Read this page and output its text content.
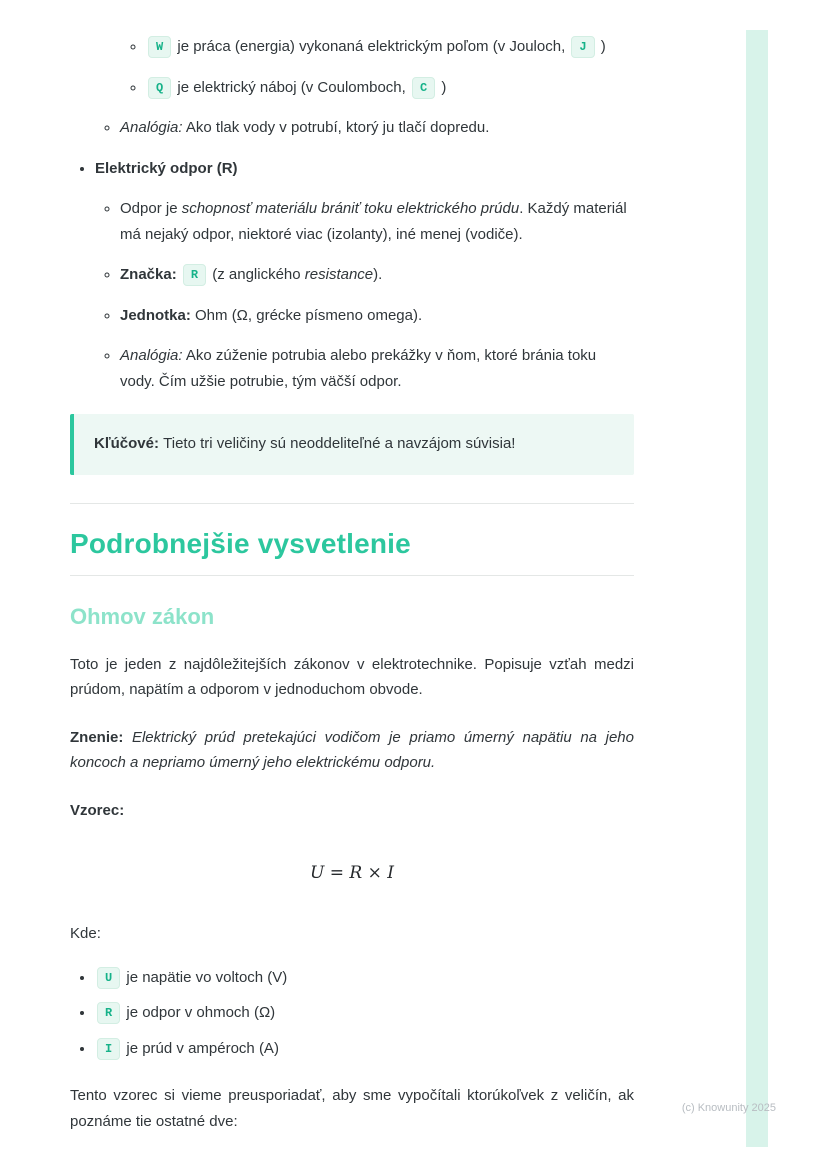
◦ W je práca (energia) vykonaná elektrickým poľom (v Jouloch, J )
◦ Q je elektrický náboj (v Coulomboch, C )
◦ Analógia: Ako tlak vody v potrubí, ktorý ju tlačí dopredu.
• Elektrický odpor (R)
◦ Odpor je schopnosť materiálu brániť toku elektrického prúdu. Každý materiál má nejaký odpor, niektoré viac (izolanty), iné menej (vodiče).
◦ Značka: R (z anglického resistance).
◦ Jednotka: Ohm (Ω, grécke písmeno omega).
◦ Analógia: Ako zúženie potrubia alebo prekážky v ňom, ktoré bránia toku vody. Čím užšie potrubie, tým väčší odpor.

Kľúčové: Tieto tri veličiny sú neoddeliteľné a navzájom súvisia!

Podrobnejšie vysvetlenie
Ohmov zákon

Toto je jeden z najdôležitejších zákonov v elektrotechnike. Popisuje vzťah medzi prúdom, napätím a odporom v jednoduchom obvode.

Znenie: Elektrický prúd pretekajúci vodičom je priamo úmerný napätiu na jeho koncoch a nepriamo úmerný jeho elektrickému odporu.

Vzorec:

U = R × I

Kde:

• U je napätie vo voltoch (V)
• R je odpor v ohmoch (Ω)
• I je prúd v ampéroch (A)

Tento vzorec si vieme preusporiadať, aby sme vypočítali ktorúkoľvek z veličín, ak poznáme tie ostatné dve:

(c) Knowunity 2025
